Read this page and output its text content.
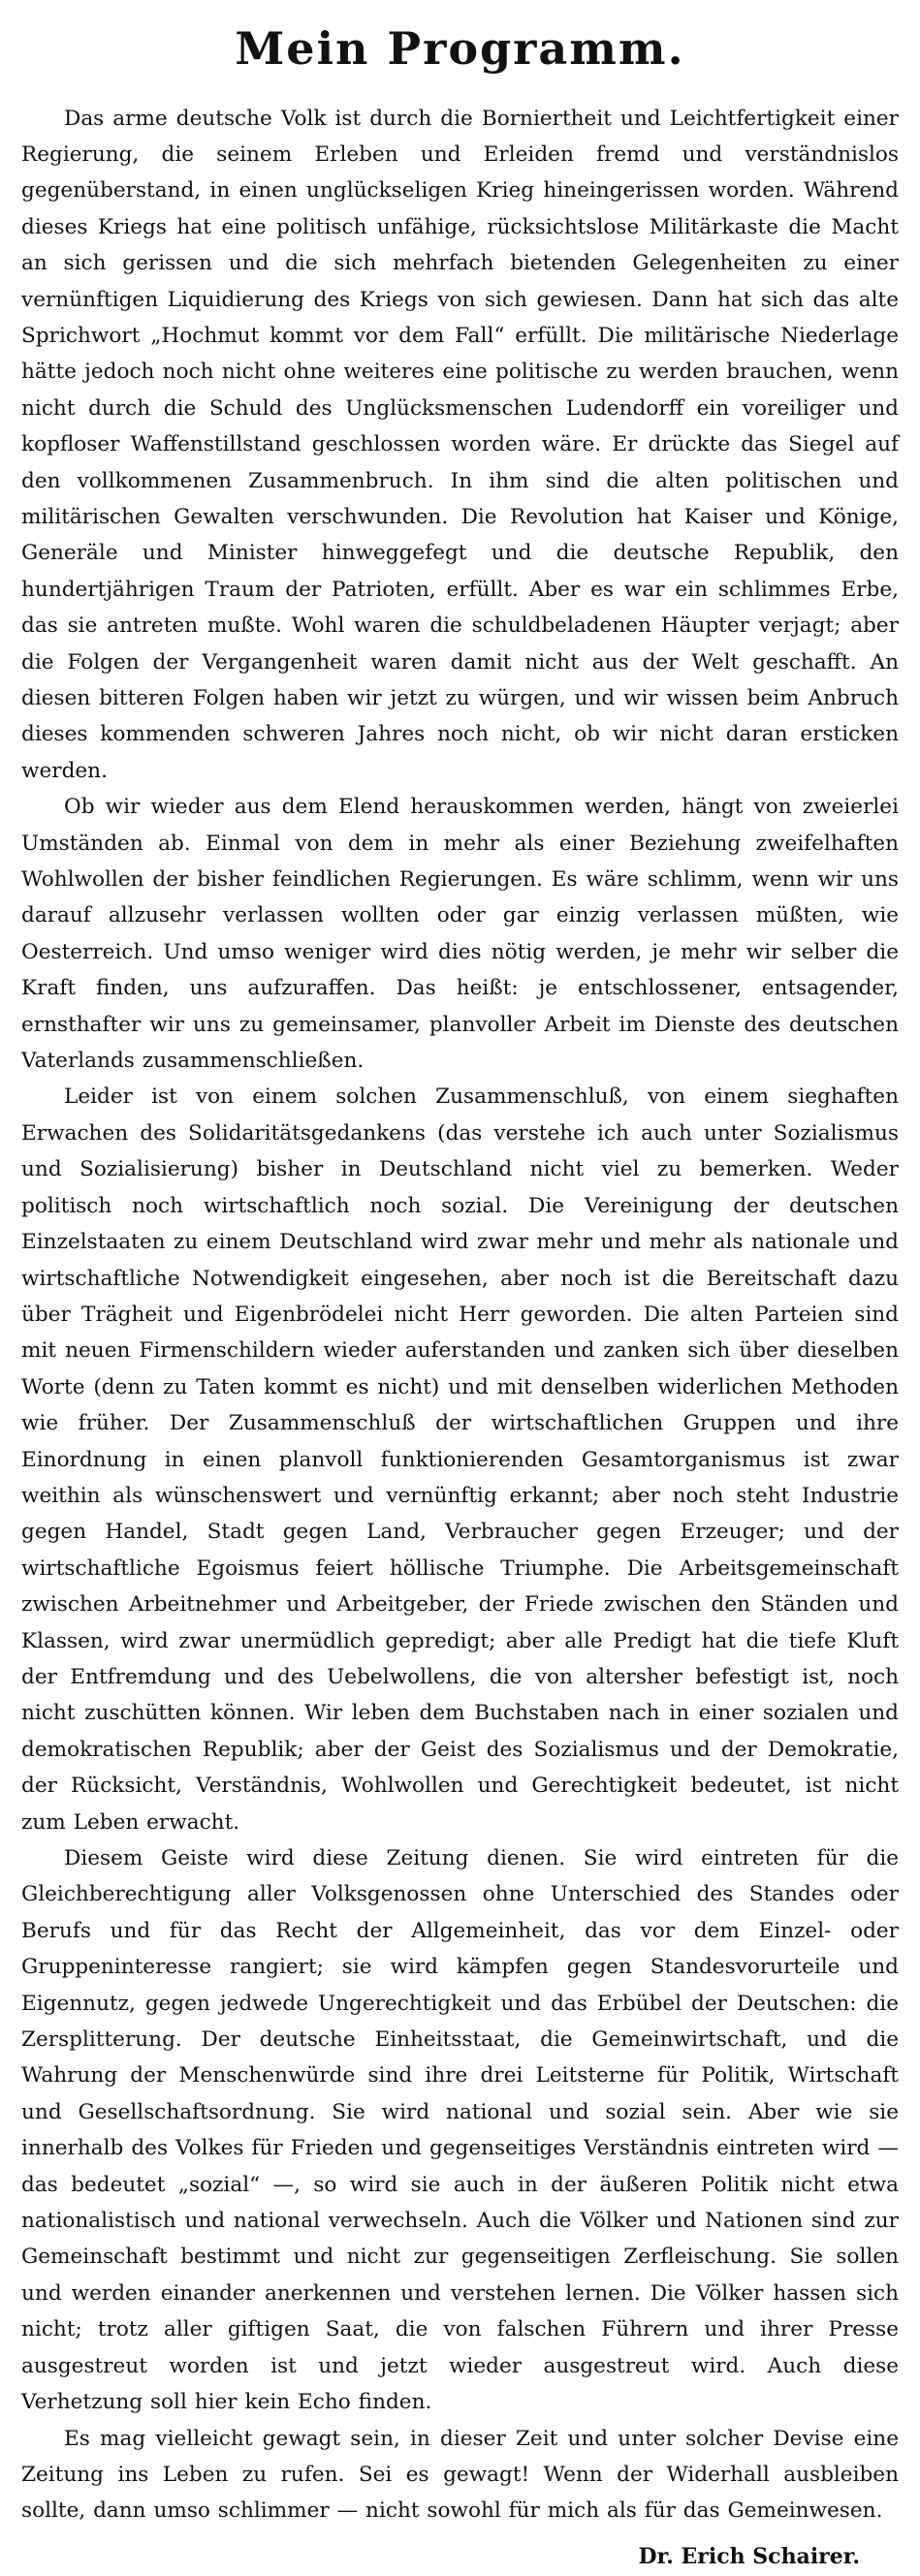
Mein Programm.

Das arme deutsche Volk ist durch die Borniertheit und Leichtfertigkeit einer Regierung, die seinem Erleben und Erleiden fremd und verständnislos gegenüberstand, in einen unglückseligen Krieg hineingerissen worden. Während dieses Kriegs hat eine politisch unfähige, rücksichtslose Militärkaste die Macht an sich gerissen und die sich mehrfach bietenden Gelegenheiten zu einer vernünftigen Liquidierung des Kriegs von sich gewiesen. Dann hat sich das alte Sprichwort „Hochmut kommt vor dem Fall“ erfüllt. Die militärische Niederlage hätte jedoch noch nicht ohne weiteres eine politische zu werden brauchen, wenn nicht durch die Schuld des Unglücksmenschen Ludendorff ein voreiliger und kopfloser Waffenstillstand geschlossen worden wäre. Er drückte das Siegel auf den vollkommenen Zusammenbruch. In ihm sind die alten politischen und militärischen Gewalten verschwunden. Die Revolution hat Kaiser und Könige, Generäle und Minister hinweggefegt und die deutsche Republik, den hundertjährigen Traum der Patrioten, erfüllt. Aber es war ein schlimmes Erbe, das sie antreten mußte. Wohl waren die schuldbeladenen Häupter verjagt; aber die Folgen der Vergangenheit waren damit nicht aus der Welt geschafft. An diesen bitteren Folgen haben wir jetzt zu würgen, und wir wissen beim Anbruch dieses kommenden schweren Jahres noch nicht, ob wir nicht daran ersticken werden.

Ob wir wieder aus dem Elend herauskommen werden, hängt von zweierlei Umständen ab. Einmal von dem in mehr als einer Beziehung zweifelhaften Wohlwollen der bisher feindlichen Regierungen. Es wäre schlimm, wenn wir uns darauf allzusehr verlassen wollten oder gar einzig verlassen müßten, wie Oesterreich. Und umso weniger wird dies nötig werden, je mehr wir selber die Kraft finden, uns aufzuraffen. Das heißt: je entschlossener, entsagender, ernsthafter wir uns zu gemeinsamer, planvoller Arbeit im Dienste des deutschen Vaterlands zusammenschließen.

Leider ist von einem solchen Zusammenschluß, von einem sieghaften Erwachen des Solidaritätsgedankens (das verstehe ich auch unter Sozialismus und Sozialisierung) bisher in Deutschland nicht viel zu bemerken. Weder politisch noch wirtschaftlich noch sozial. Die Vereinigung der deutschen Einzelstaaten zu einem Deutschland wird zwar mehr und mehr als nationale und wirtschaftliche Notwendigkeit eingesehen, aber noch ist die Bereitschaft dazu über Trägheit und Eigenbrödelei nicht Herr geworden. Die alten Parteien sind mit neuen Firmenschildern wieder auferstanden und zanken sich über dieselben Worte (denn zu Taten kommt es nicht) und mit denselben widerlichen Methoden wie früher. Der Zusammenschluß der wirtschaftlichen Gruppen und ihre Einordnung in einen planvoll funktionierenden Gesamtorganismus ist zwar weithin als wünschenswert und vernünftig erkannt; aber noch steht Industrie gegen Handel, Stadt gegen Land, Verbraucher gegen Erzeuger; und der wirtschaftliche Egoismus feiert höllische Triumphe. Die Arbeitsgemeinschaft zwischen Arbeitnehmer und Arbeitgeber, der Friede zwischen den Ständen und Klassen, wird zwar unermüdlich gepredigt; aber alle Predigt hat die tiefe Kluft der Entfremdung und des Uebelwollens, die von altersher befestigt ist, noch nicht zuschütten können. Wir leben dem Buchstaben nach in einer sozialen und demokratischen Republik; aber der Geist des Sozialismus und der Demokratie, der Rücksicht, Verständnis, Wohlwollen und Gerechtigkeit bedeutet, ist nicht zum Leben erwacht.

Diesem Geiste wird diese Zeitung dienen. Sie wird eintreten für die Gleichberechtigung aller Volksgenossen ohne Unterschied des Standes oder Berufs und für das Recht der Allgemeinheit, das vor dem Einzel- oder Gruppeninteresse rangiert; sie wird kämpfen gegen Standesvorurteile und Eigennutz, gegen jedwede Ungerechtigkeit und das Erbübel der Deutschen: die Zersplitterung. Der deutsche Einheitsstaat, die Gemeinwirtschaft, und die Wahrung der Menschenwürde sind ihre drei Leitsterne für Politik, Wirtschaft und Gesellschaftsordnung. Sie wird national und sozial sein. Aber wie sie innerhalb des Volkes für Frieden und gegenseitiges Verständnis eintreten wird — das bedeutet „sozial“ —, so wird sie auch in der äußeren Politik nicht etwa nationalistisch und national verwechseln. Auch die Völker und Nationen sind zur Gemeinschaft bestimmt und nicht zur gegenseitigen Zerfleischung. Sie sollen und werden einander anerkennen und verstehen lernen. Die Völker hassen sich nicht; trotz aller giftigen Saat, die von falschen Führern und ihrer Presse ausgestreut worden ist und jetzt wieder ausgestreut wird. Auch diese Verhetzung soll hier kein Echo finden.

Es mag vielleicht gewagt sein, in dieser Zeit und unter solcher Devise eine Zeitung ins Leben zu rufen. Sei es gewagt! Wenn der Widerhall ausbleiben sollte, dann umso schlimmer — nicht sowohl für mich als für das Gemeinwesen.

Dr. Erich Schairer.
